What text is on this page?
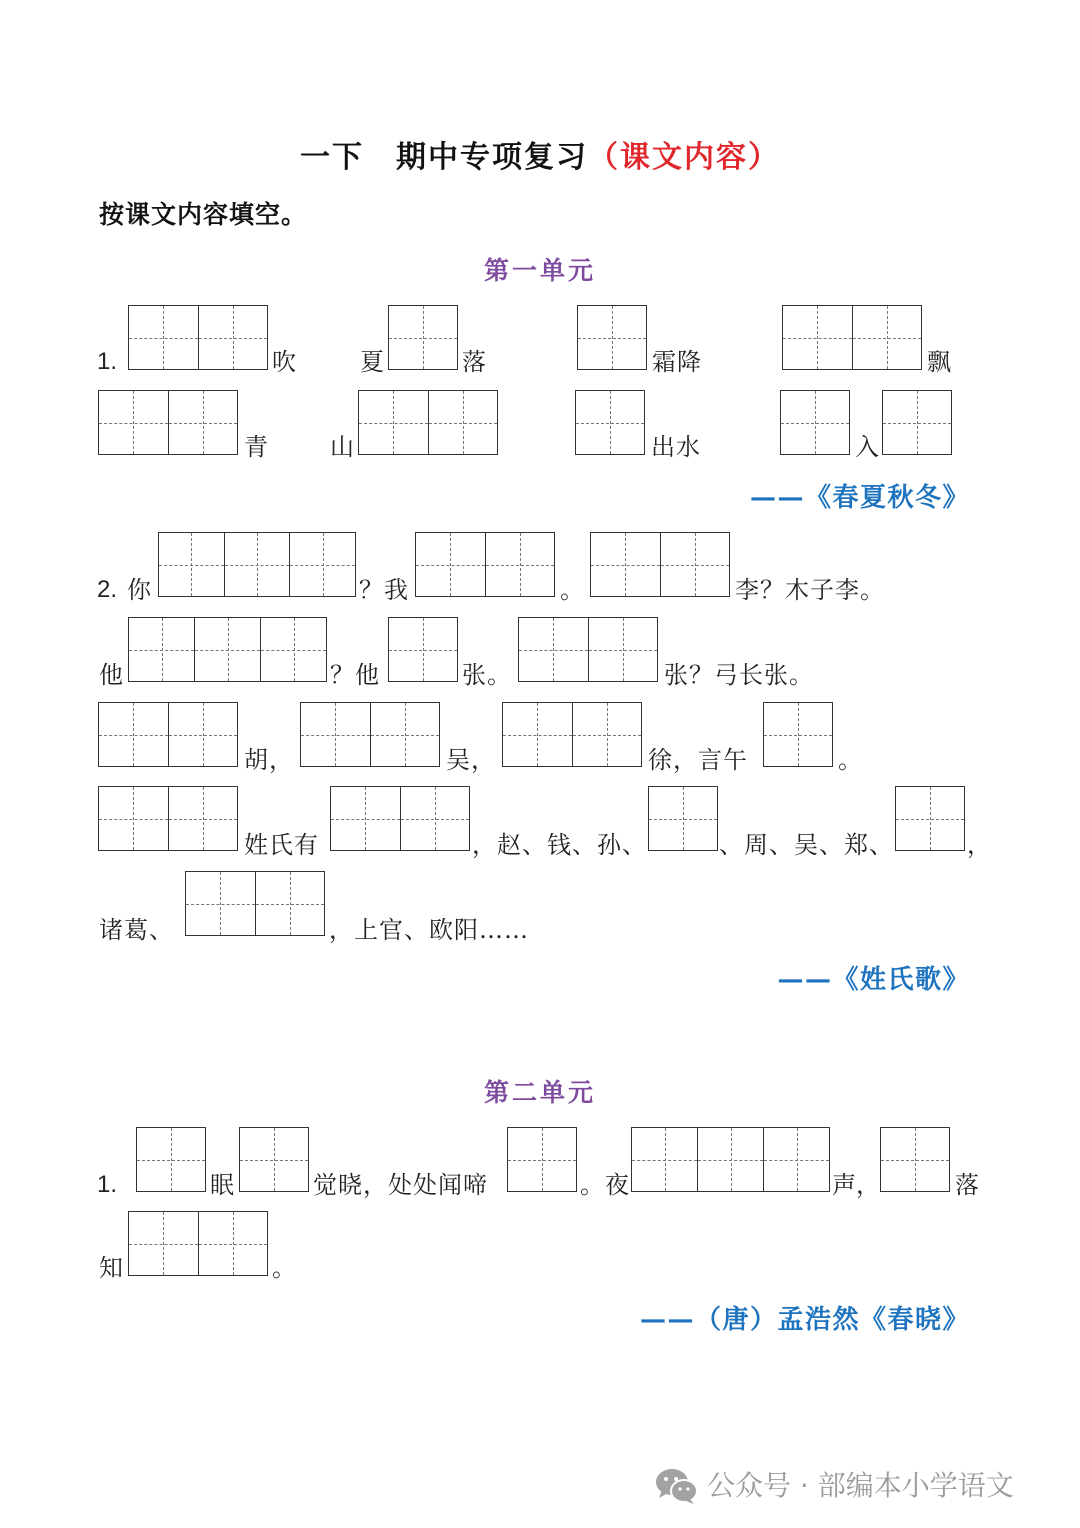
一下　期中专项复习（课文内容）
按课文内容填空。
第一单元
1.	吹	夏	落	霜降	飘
青	山	出水	入
——《春夏秋冬》
2. 你	？我	。	李？木子李。
他	？他	张。	张？弓长张。
胡，	吴，	徐，言午	。
姓氏有	，赵、钱、孙、	、周、吴、郑、	，
诸葛、	，上官、欧阳……
——《姓氏歌》
第二单元
1.	眠	觉晓，处处闻啼	。夜	声，	落
知	。
——（唐）孟浩然《春晓》
公众号 · 部编本小学语文
